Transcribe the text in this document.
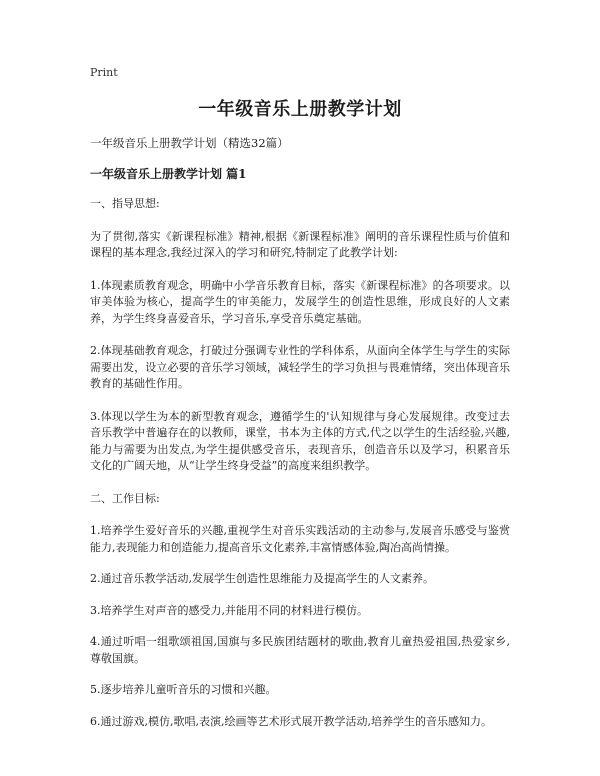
Print
一年级音乐上册教学计划
一年级音乐上册教学计划（精选32篇）
一年级音乐上册教学计划 篇1

一、指导思想:

为了贯彻,落实《新课程标准》精神,根据《新课程标准》阐明的音乐课程性质与价值和课程的基本理念,我经过深入的学习和研究,特制定了此教学计划:

1.体现素质教育观念，明确中小学音乐教育目标，落实《新课程标准》的各项要求。以审美体验为核心，提高学生的审美能力，发展学生的创造性思维，形成良好的人文素养，为学生终身喜爱音乐，学习音乐,享受音乐奠定基础。

2.体现基础教育观念，打破过分强调专业性的学科体系，从面向全体学生与学生的实际需要出发，设立必要的音乐学习领域，减轻学生的学习负担与畏难情绪，突出体现音乐教育的基础性作用。

3.体现以学生为本的新型教育观念，遵循学生的'认知规律与身心发展规律。改变过去音乐教学中普遍存在的以教师，课堂，书本为主体的方式,代之以学生的生活经验,兴趣,能力与需要为出发点,为学生提供感受音乐，表现音乐，创造音乐以及学习，积累音乐文化的广阔天地，从“让学生终身受益”的高度来组织教学。

二、工作目标:

1.培养学生爱好音乐的兴趣,重视学生对音乐实践活动的主动参与,发展音乐感受与鉴赏能力,表现能力和创造能力,提高音乐文化素养,丰富情感体验,陶冶高尚情操。

2.通过音乐教学活动,发展学生创造性思维能力及提高学生的人文素养。

3.培养学生对声音的感受力,并能用不同的材料进行模仿。

4.通过听唱一组歌颂祖国,国旗与多民族团结题材的歌曲,教育儿童热爱祖国,热爱家乡,尊敬国旗。

5.逐步培养儿童听音乐的习惯和兴趣。

6.通过游戏,模仿,歌唱,表演,绘画等艺术形式展开教学活动,培养学生的音乐感知力。
